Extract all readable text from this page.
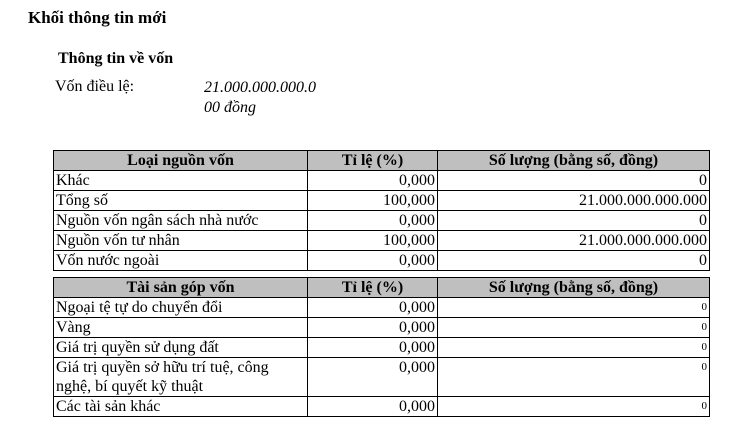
Khối thông tin mới
Thông tin về vốn
Vốn điều lệ:	21.000.000.000.0
00 đồng
Loại nguồn vốn	Tỉ lệ (%)	Số lượng (bằng số, đồng)
Khác	0,000	0
Tổng số	100,000	21.000.000.000.000
Nguồn vốn ngân sách nhà nước	0,000	0
Nguồn vốn tư nhân	100,000	21.000.000.000.000
Vốn nước ngoài	0,000	0
Tài sản góp vốn	Tỉ lệ (%)	Số lượng (bằng số, đồng)
Ngoại tệ tự do chuyển đổi	0,000	0
Vàng	0,000	0
Giá trị quyền sử dụng đất	0,000	0
Giá trị quyền sở hữu trí tuệ, công nghệ, bí quyết kỹ thuật	0,000	0
Các tài sản khác	0,000	0
